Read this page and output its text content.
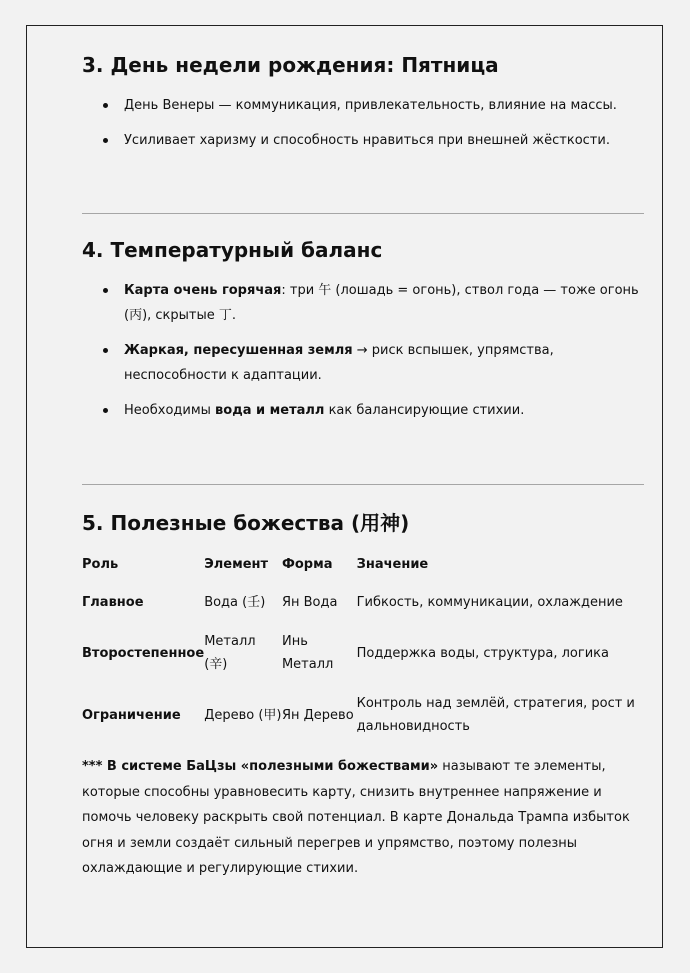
3. День недели рождения: Пятница
День Венеры — коммуникация, привлекательность, влияние на массы.
Усиливает харизму и способность нравиться при внешней жёсткости.
4. Температурный баланс
Карта очень горячая: три 午 (лошадь = огонь), ствол года — тоже огонь (丙), скрытые 丁.
Жаркая, пересушенная земля → риск вспышек, упрямства, неспособности к адаптации.
Необходимы вода и металл как балансирующие стихии.
5. Полезные божества (用神)
Роль	Элемент	Форма	Значение
Главное	Вода (壬)	Ян Вода	Гибкость, коммуникации, охлаждение
Второстепенное	Металл (辛)	Инь Металл	Поддержка воды, структура, логика
Ограничение	Дерево (甲)	Ян Дерево	Контроль над землёй, стратегия, рост и дальновидность

*** В системе БаЦзы «полезными божествами» называют те элементы, которые способны уравновесить карту, снизить внутреннее напряжение и помочь человеку раскрыть свой потенциал. В карте Дональда Трампа избыток огня и земли создаёт сильный перегрев и упрямство, поэтому полезны охлаждающие и регулирующие стихии.
